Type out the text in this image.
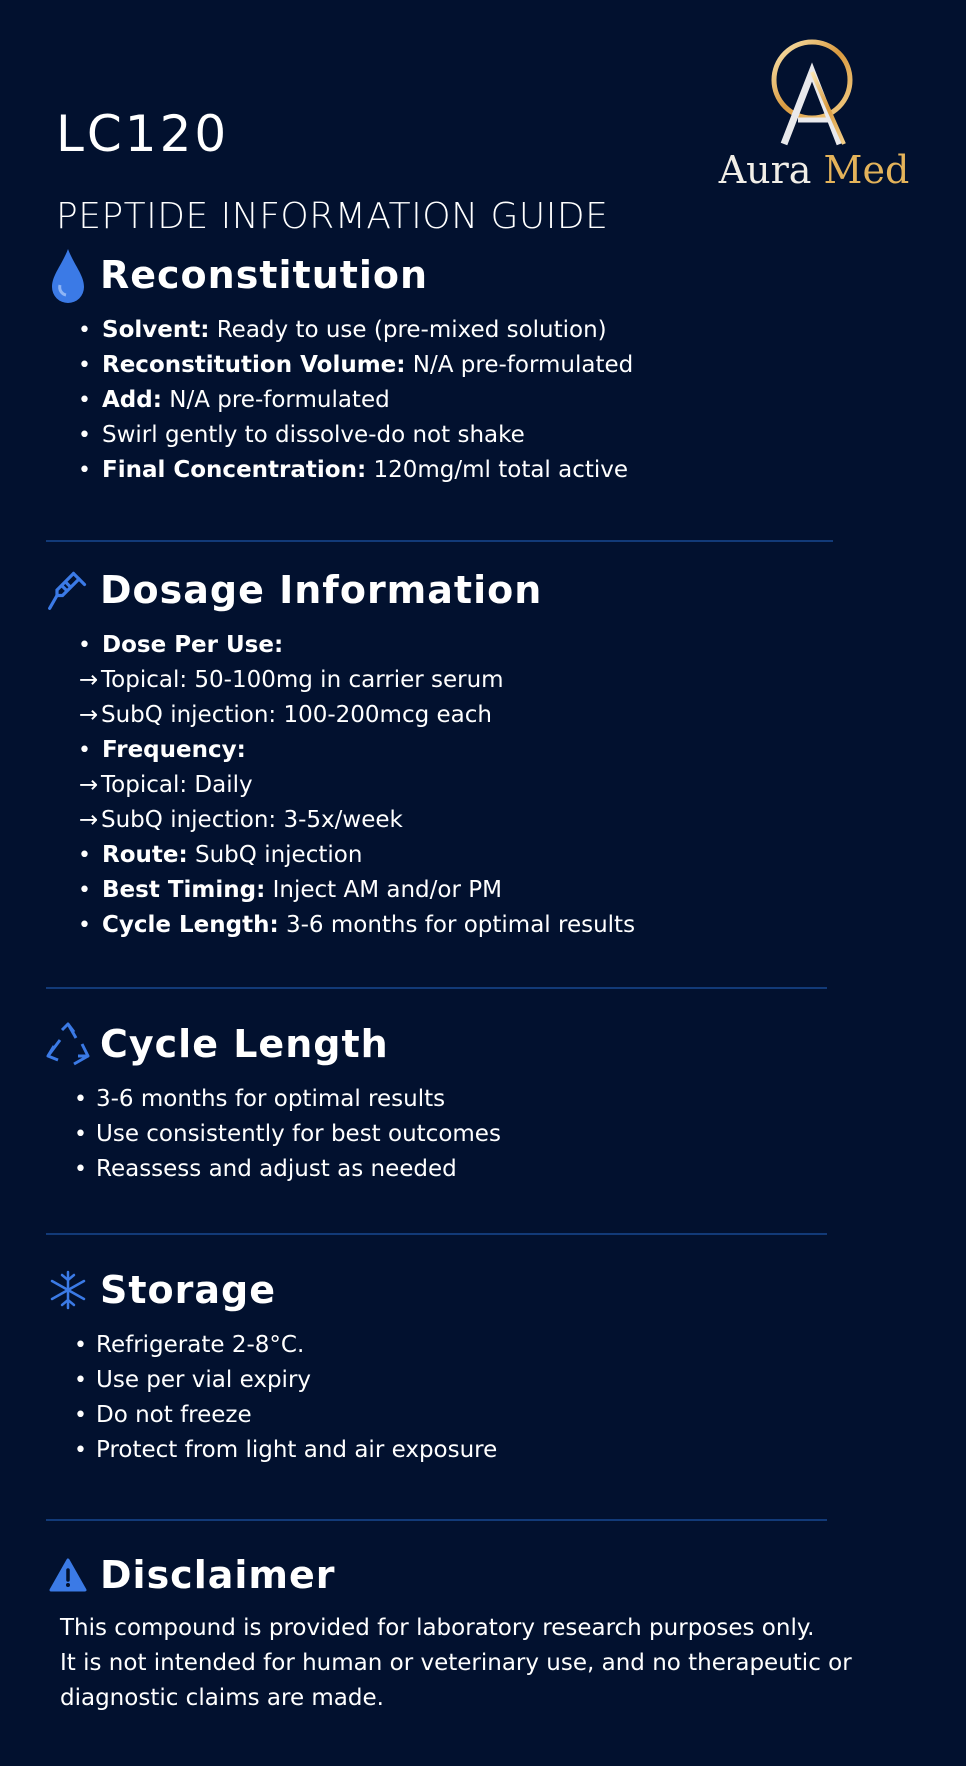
LC120
PEPTIDE INFORMATION GUIDE
Aura Med
Reconstitution
• Solvent: Ready to use (pre-mixed solution)
• Reconstitution Volume: N/A pre-formulated
• Add: N/A pre-formulated
• Swirl gently to dissolve-do not shake
• Final Concentration: 120mg/ml total active
Dosage Information
• Dose Per Use:
→ Topical: 50-100mg in carrier serum
→ SubQ injection: 100-200mcg each
• Frequency:
→ Topical: Daily
→ SubQ injection: 3-5x/week
• Route: SubQ injection
• Best Timing: Inject AM and/or PM
• Cycle Length: 3-6 months for optimal results
Cycle Length
• 3-6 months for optimal results
• Use consistently for best outcomes
• Reassess and adjust as needed
Storage
• Refrigerate 2-8°C.
• Use per vial expiry
• Do not freeze
• Protect from light and air exposure
Disclaimer
This compound is provided for laboratory research purposes only.
It is not intended for human or veterinary use, and no therapeutic or
diagnostic claims are made.
